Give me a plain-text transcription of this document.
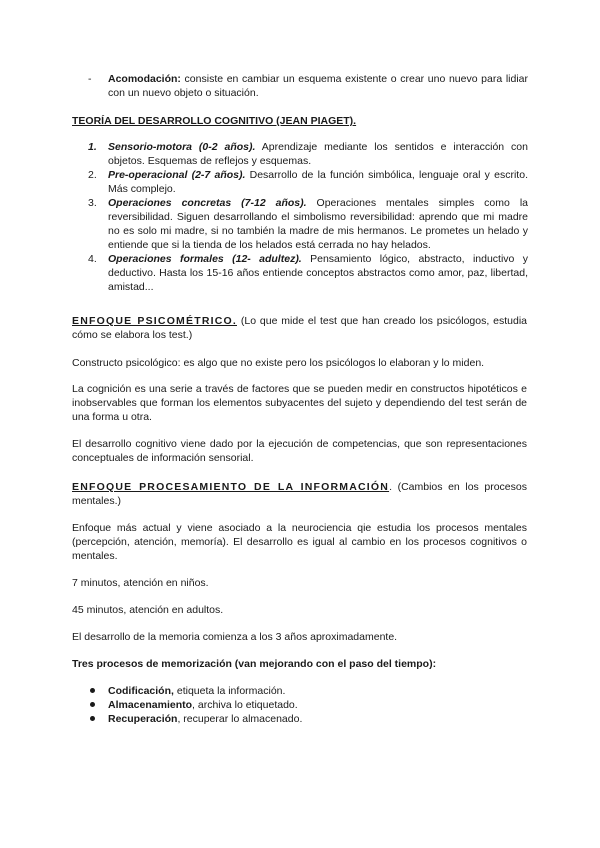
- Acomodación: consiste en cambiar un esquema existente o crear uno nuevo para lidiar con un nuevo objeto o situación.
TEORÍA DEL DESARROLLO COGNITIVO (JEAN PIAGET).
1. Sensorio-motora (0-2 años). Aprendizaje mediante los sentidos e interacción con objetos. Esquemas de reflejos y esquemas.
2. Pre-operacional (2-7 años). Desarrollo de la función simbólica, lenguaje oral y escrito. Más complejo.
3. Operaciones concretas (7-12 años). Operaciones mentales simples como la reversibilidad. Siguen desarrollando el simbolismo reversibilidad: aprendo que mi madre no es solo mi madre, si no también la madre de mis hermanos. Le prometes un helado y entiende que si la tienda de los helados está cerrada no hay helados.
4. Operaciones formales (12- adultez). Pensamiento lógico, abstracto, inductivo y deductivo. Hasta los 15-16 años entiende conceptos abstractos como amor, paz, libertad, amistad...
ENFOQUE PSICOMÉTRICO. (Lo que mide el test que han creado los psicólogos, estudia cómo se elabora los test.)
Constructo psicológico: es algo que no existe pero los psicólogos lo elaboran y lo miden.
La cognición es una serie a través de factores que se pueden medir en constructos hipotéticos e inobservables que forman los elementos subyacentes del sujeto y dependiendo del test serán de una forma u otra.
El desarrollo cognitivo viene dado por la ejecución de competencias, que son representaciones conceptuales de información sensorial.
ENFOQUE PROCESAMIENTO DE LA INFORMACIÓN. (Cambios en los procesos mentales.)
Enfoque más actual y viene asociado a la neurociencia qie estudia los procesos mentales (percepción, atención, memoría). El desarrollo es igual al cambio en los procesos cognitivos o mentales.
7 minutos, atención en niños.
45 minutos, atención en adultos.
El desarrollo de la memoria comienza a los 3 años aproximadamente.
Tres procesos de memorización (van mejorando con el paso del tiempo):
Codificación, etiqueta la información.
Almacenamiento, archiva lo etiquetado.
Recuperación, recuperar lo almacenado.
